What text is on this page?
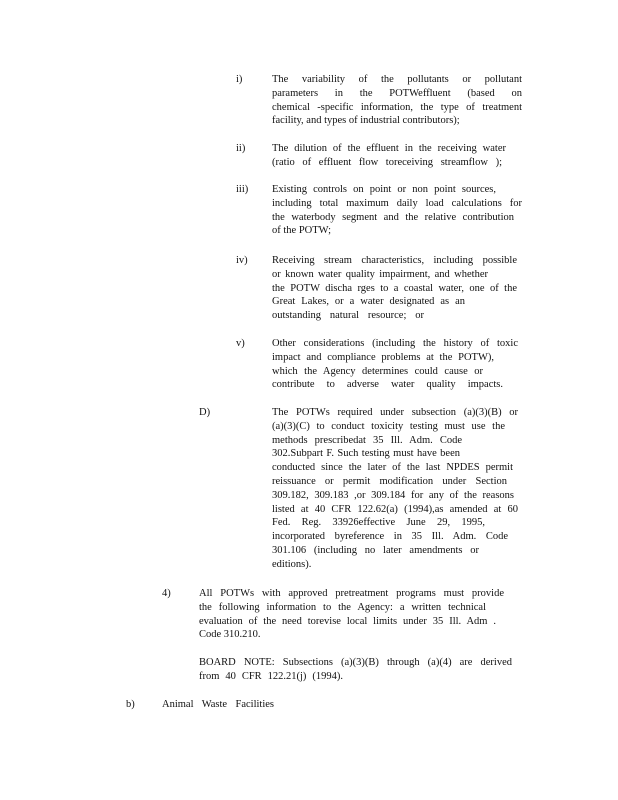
i)	The variability of the pollutants or pollutant
parameters in the POTWeffluent (based on
chemical -specific information, the type of treatment
facility, and types of industrial contributors);
ii)	The dilution of the effluent in the receiving water
(ratio of effluent flow toreceiving streamflow );
iii) Existing controls on point or non point sources,
including total maximum daily load calculations for
the waterbody segment and the relative contribution
of the POTW;
iv) Receiving stream characteristics, including possible
or known water quality impairment, and whether
the POTW discha rges to a coastal water, one of the
Great Lakes, or a water designated as an
outstanding natural resource; or
v)	Other considerations (including the history of toxic
impact and compliance problems at the POTW),
which the Agency determines could cause or
contribute to adverse water quality impacts.
D)	The POTWs required under subsection (a)(3)(B) or
(a)(3)(C) to conduct toxicity testing must use the
methods prescribedat 35 Ill. Adm. Code
302.Subpart F. Such testing must have been
conducted since the later of the last NPDES permit
reissuance or permit modification under Section
309.182, 309.183 ,or 309.184 for any of the reasons
listed at 40 CFR 122.62(a) (1994),as amended at 60
Fed. Reg. 33926effective June 29, 1995,
incorporated byreference in 35 Ill. Adm. Code
301.106 (including no later amendments or
editions).
4)	All POTWs with approved pretreatment programs must provide
the following information to the Agency: a written technical
evaluation of the need torevise local limits under 35 Ill. Adm .
Code 310.210.
BOARD NOTE: Subsections (a)(3)(B) through (a)(4) are derived
from 40 CFR 122.21(j) (1994).
b)	Animal Waste Facilities
